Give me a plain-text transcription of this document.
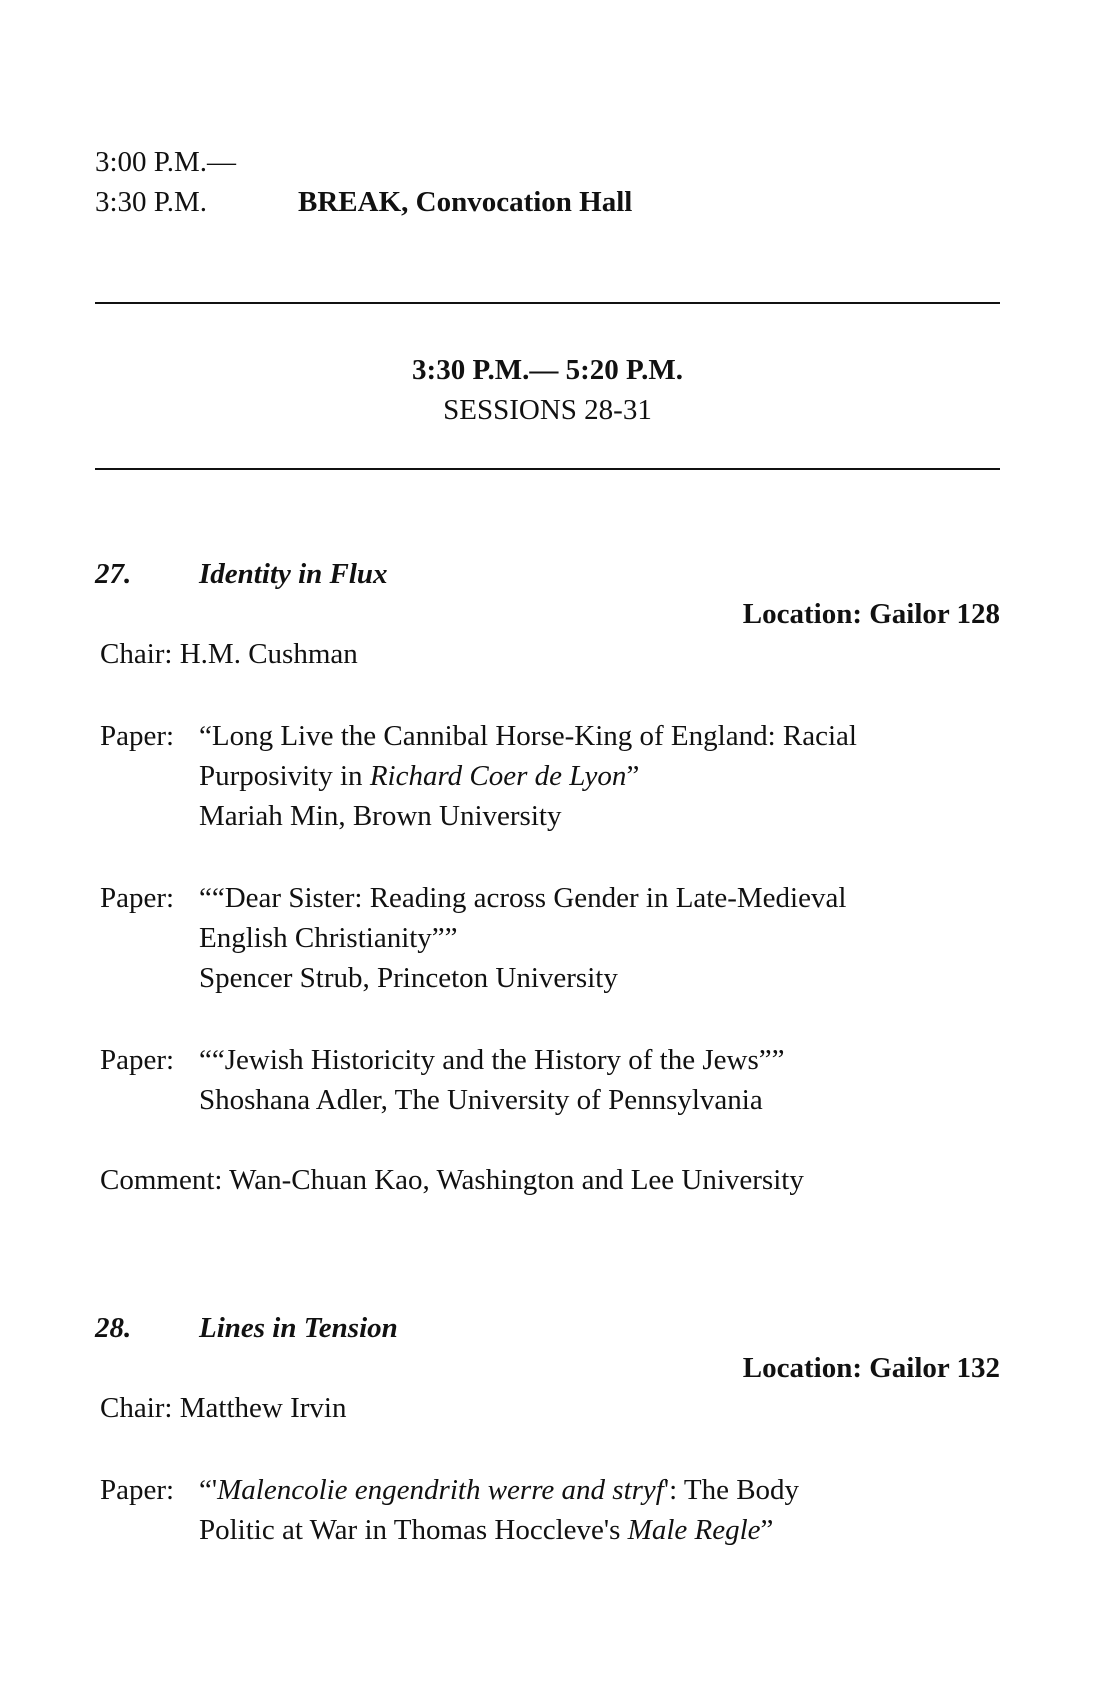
3:00 P.M.—
3:30 P.M.	BREAK, Convocation Hall
3:30 P.M.— 5:20 P.M.
SESSIONS 28-31
27. Identity in Flux
Location: Gailor 128
Chair: H.M. Cushman
Paper: “Long Live the Cannibal Horse-King of England: Racial
Purposivity in Richard Coer de Lyon”
Mariah Min, Brown University
Paper: ““Dear Sister: Reading across Gender in Late-Medieval
English Christianity””
Spencer Strub, Princeton University
Paper: ““Jewish Historicity and the History of the Jews””
Shoshana Adler, The University of Pennsylvania
Comment: Wan-Chuan Kao, Washington and Lee University
28. Lines in Tension
Location: Gailor 132
Chair: Matthew Irvin
Paper: “'Malencolie engendrith werre and stryf': The Body
Politic at War in Thomas Hoccleve's Male Regle”
